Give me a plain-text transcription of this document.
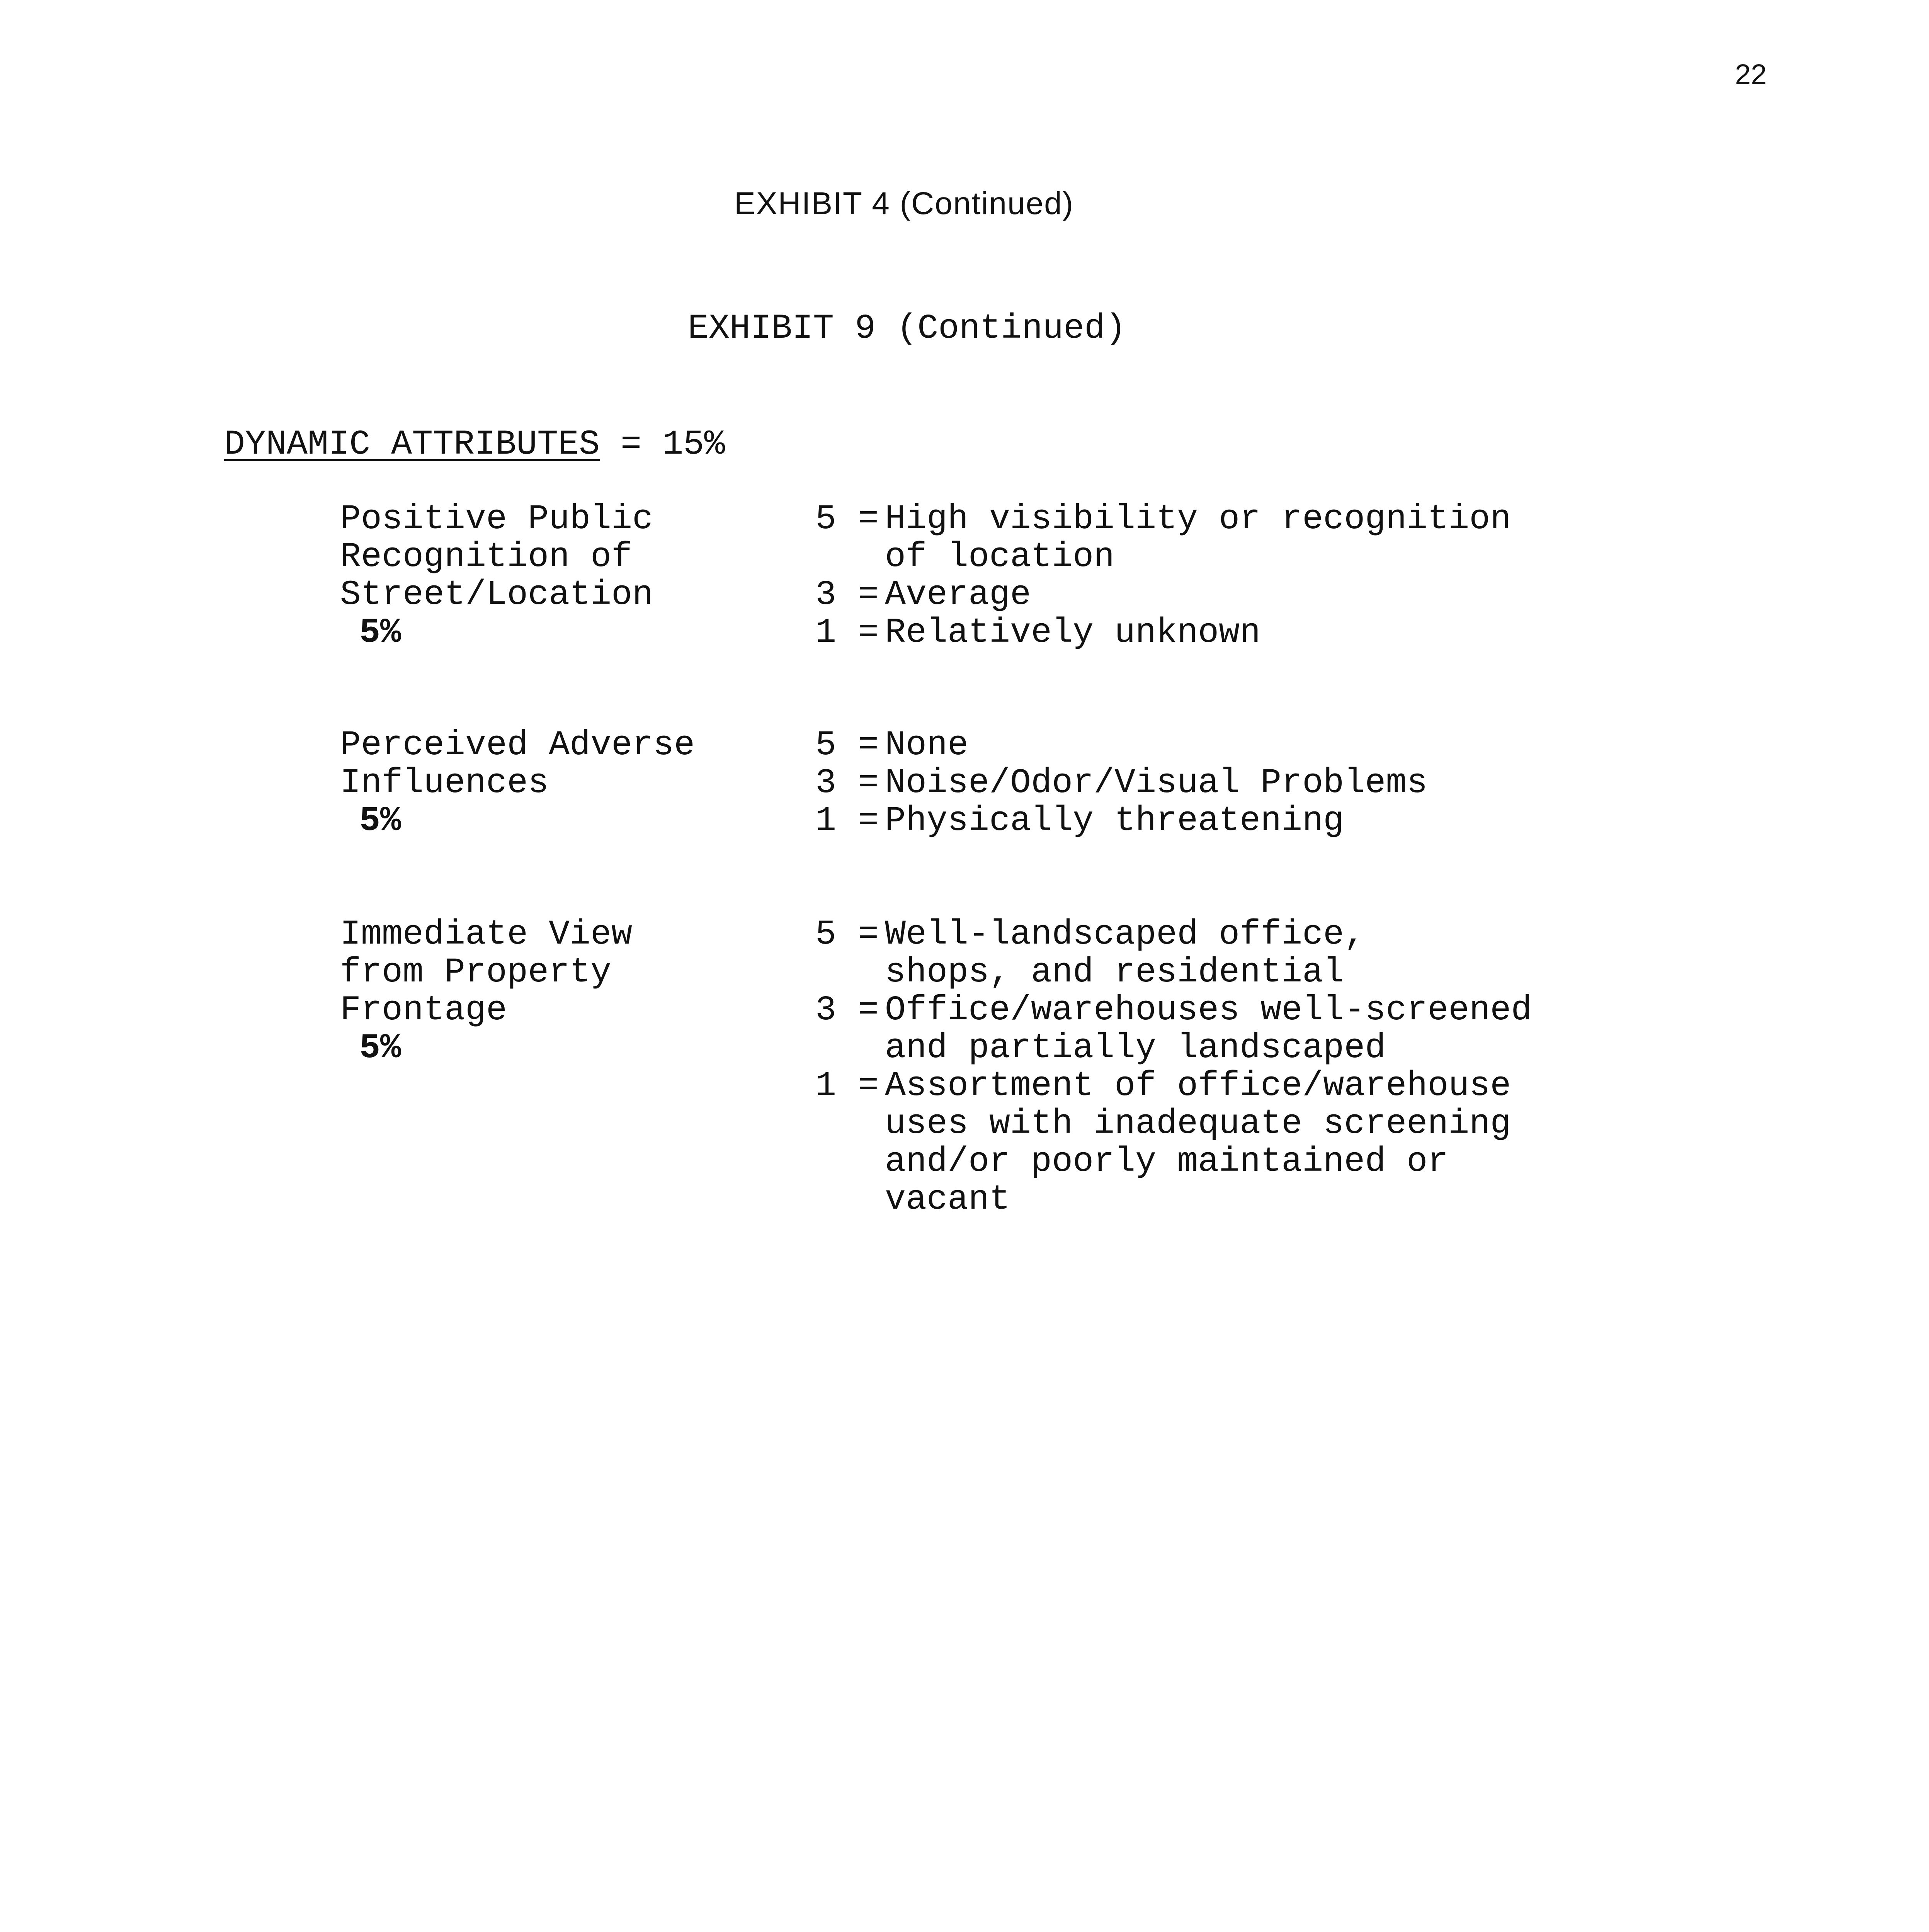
22
EXHIBIT 4 (Continued)
EXHIBIT 9 (Continued)
DYNAMIC ATTRIBUTES = 15%
Positive Public
Recognition of
Street/Location
5%
5 = High visibility or recognition
of location
3 = Average
1 = Relatively unknown
Perceived Adverse
Influences
5%
5 = None
3 = Noise/Odor/Visual Problems
1 = Physically threatening
Immediate View
from Property
Frontage
5%
5 = Well-landscaped office,
shops, and residential
3 = Office/warehouses well-screened
and partially landscaped
1 = Assortment of office/warehouse
uses with inadequate screening
and/or poorly maintained or
vacant
